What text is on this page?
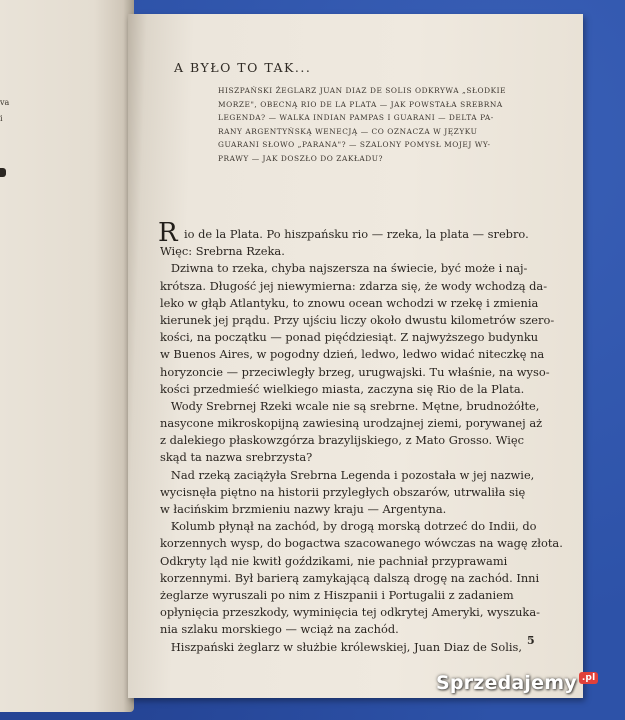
va
i
A BYŁO TO TAK...
HISZPAŃSKI ŻEGLARZ JUAN DIAZ DE SOLIS ODKRYWA „SŁODKIE
MORZE", OBECNĄ RIO DE LA PLATA — JAK POWSTAŁA SREBRNA
LEGENDA? — WALKA INDIAN PAMPAS I GUARANI — DELTA PA-
RANY ARGENTYŃSKĄ WENECJĄ — CO OZNACZA W JĘZYKU
GUARANI SŁOWO „PARANA"? — SZALONY POMYSŁ MOJEJ WY-
PRAWY — JAK DOSZŁO DO ZAKŁADU?
R io de la Plata. Po hiszpańsku rio — rzeka, la plata — srebro.
Więc: Srebrna Rzeka.
Dziwna to rzeka, chyba najszersza na świecie, być może i naj-
krótsza. Długość jej niewymierna: zdarza się, że wody wchodzą da-
leko w głąb Atlantyku, to znowu ocean wchodzi w rzekę i zmienia
kierunek jej prądu. Przy ujściu liczy około dwustu kilometrów szero-
kości, na początku — ponad pięćdziesiąt. Z najwyższego budynku
w Buenos Aires, w pogodny dzień, ledwo, ledwo widać niteczkę na
horyzoncie — przeciwległy brzeg, urugwajski. Tu właśnie, na wyso-
kości przedmieść wielkiego miasta, zaczyna się Rio de la Plata.
Wody Srebrnej Rzeki wcale nie są srebrne. Mętne, brudnożółte,
nasycone mikroskopijną zawiesiną urodzajnej ziemi, porywanej aż
z dalekiego płaskowzgórza brazylijskiego, z Mato Grosso. Więc
skąd ta nazwa srebrzysta?
Nad rzeką zaciążyła Srebrna Legenda i pozostała w jej nazwie,
wycisnęła piętno na historii przyległych obszarów, utrwaliła się
w łacińskim brzmieniu nazwy kraju — Argentyna.
Kolumb płynął na zachód, by drogą morską dotrzeć do Indii, do
korzennych wysp, do bogactwa szacowanego wówczas na wagę złota.
Odkryty ląd nie kwitł goździkami, nie pachniał przyprawami
korzennymi. Był barierą zamykającą dalszą drogę na zachód. Inni
żeglarze wyruszali po nim z Hiszpanii i Portugalii z zadaniem
opłynięcia przeszkody, wyminięcia tej odkrytej Ameryki, wyszuka-
nia szlaku morskiego — wciąż na zachód.
Hiszpański żeglarz w służbie królewskiej, Juan Diaz de Solis, 5
Sprzedajemy .pl
